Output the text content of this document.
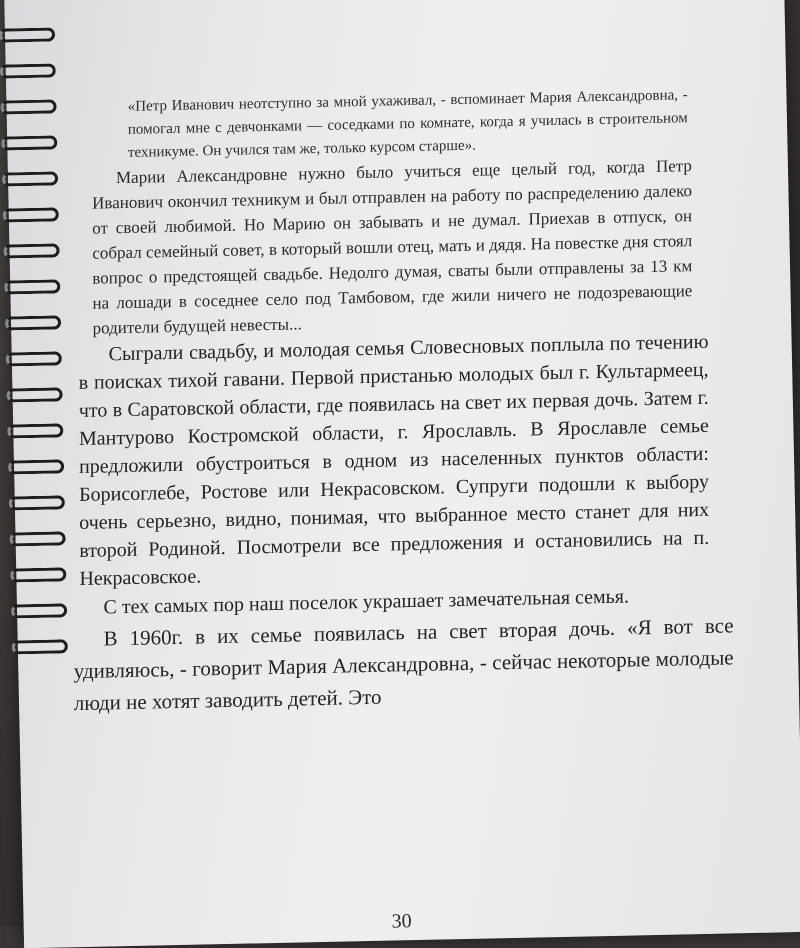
«Петр Иванович неотступно за мной ухаживал, - вспоминает Мария Александровна, - помогал мне с девчонками — соседками по комнате, когда я училась в строительном техникуме. Он учился там же, только курсом старше».

Марии Александровне нужно было учиться еще целый год, когда Петр Иванович окончил техникум и был отправлен на работу по распределению далеко от своей любимой. Но Марию он забывать и не думал. Приехав в отпуск, он собрал семейный совет, в который вошли отец, мать и дядя. На повестке дня стоял вопрос о предстоящей свадьбе. Недолго думая, сваты были отправлены за 13 км на лошади в соседнее село под Тамбовом, где жили ничего не подозревающие родители будущей невесты...

Сыграли свадьбу, и молодая семья Словесновых поплыла по течению в поисках тихой гавани. Первой пристанью молодых был г. Культармеец, что в Саратовской области, где появилась на свет их первая дочь. Затем г. Мантурово Костромской области, г. Ярославль. В Ярославле семье предложили обустроиться в одном из населенных пунктов области: Борисоглебе, Ростове или Некрасовском. Супруги подошли к выбору очень серьезно, видно, понимая, что выбранное место станет для них второй Родиной. Посмотрели все предложения и остановились на п. Некрасовское.

С тех самых пор наш поселок украшает замечательная семья.

В 1960г. в их семье появилась на свет вторая дочь. «Я вот все удивляюсь, - говорит Мария Александровна, - сейчас некоторые молодые люди не хотят заводить детей. Это

30
